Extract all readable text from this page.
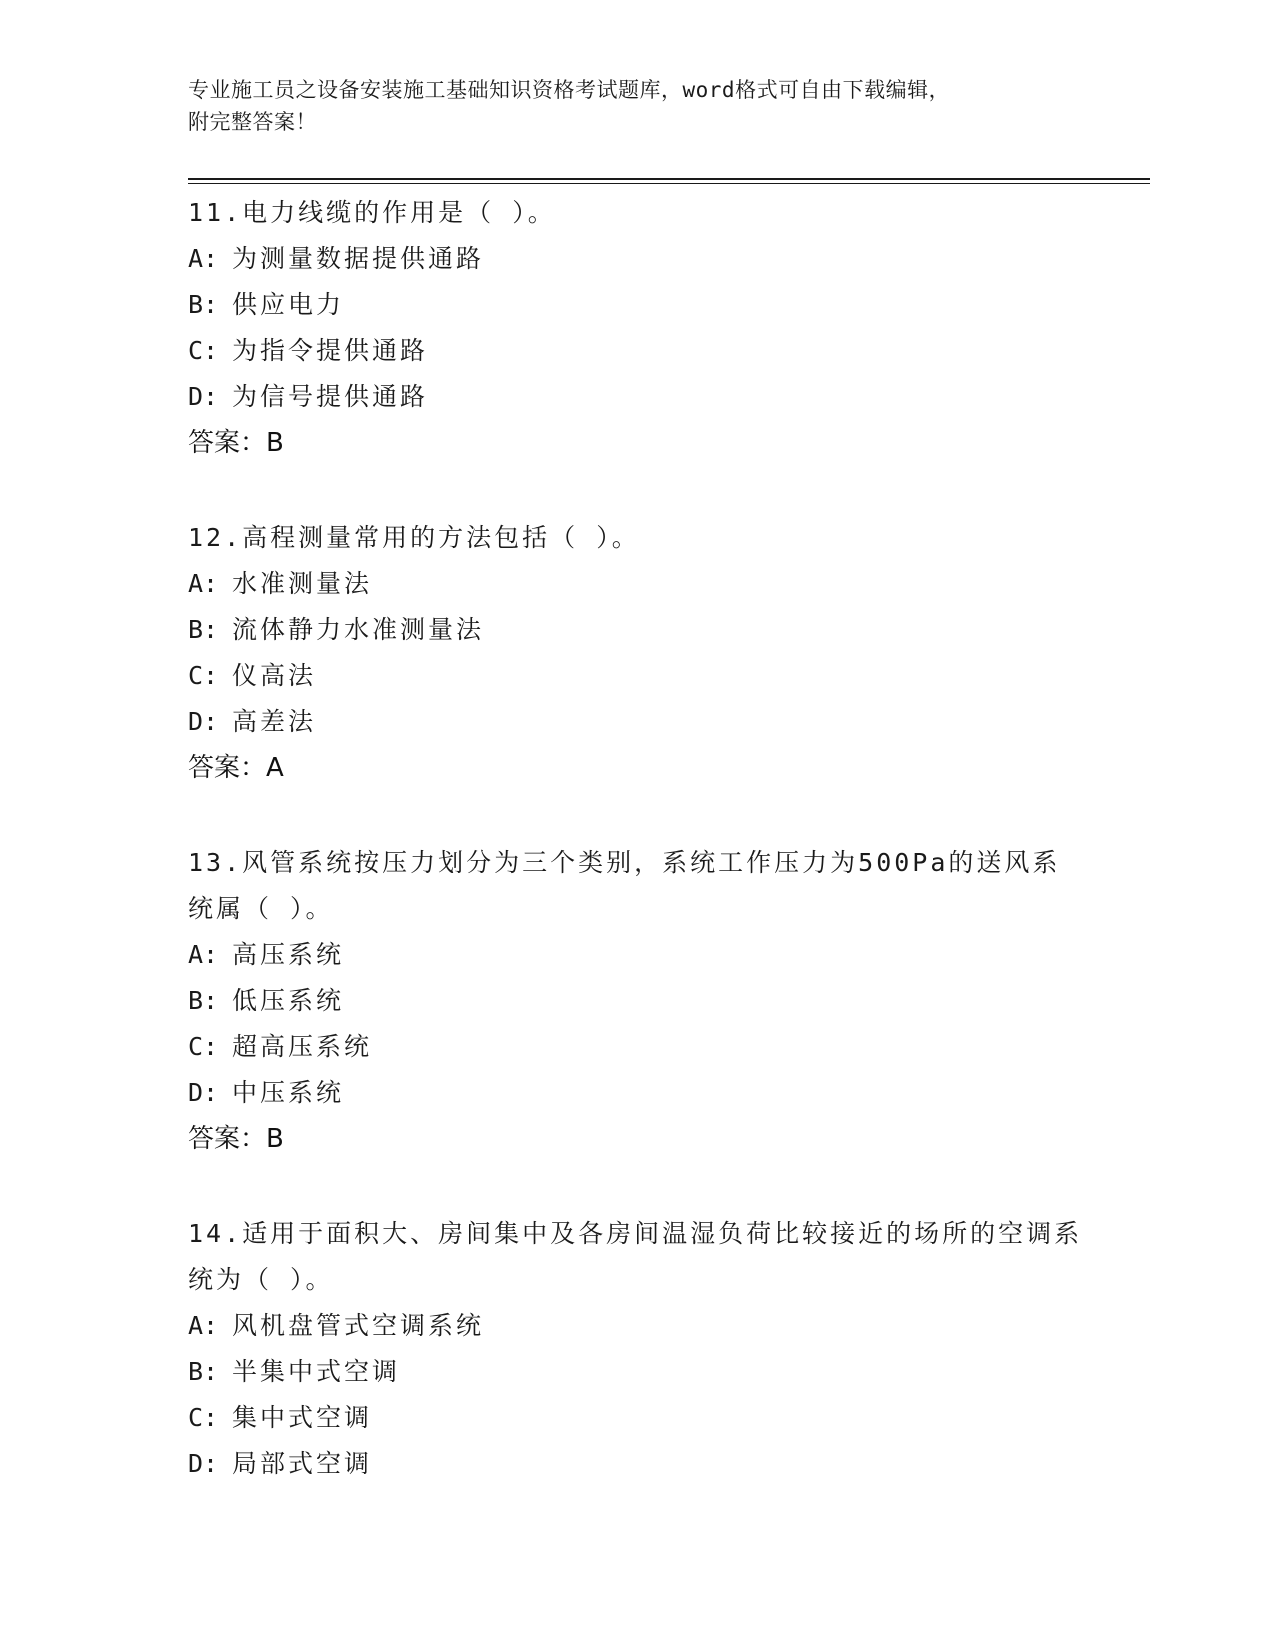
专业施工员之设备安装施工基础知识资格考试题库，word格式可自由下载编辑，
附完整答案！
11.电力线缆的作用是（ ）。
A: 为测量数据提供通路
B: 供应电力
C: 为指令提供通路
D: 为信号提供通路
答案：B
12.高程测量常用的方法包括（ ）。
A: 水准测量法
B: 流体静力水准测量法
C: 仪高法
D: 高差法
答案：A
13.风管系统按压力划分为三个类别，系统工作压力为500Pa的送风系统属（ ）。
A: 高压系统
B: 低压系统
C: 超高压系统
D: 中压系统
答案：B
14.适用于面积大、房间集中及各房间温湿负荷比较接近的场所的空调系统为（ ）。
A: 风机盘管式空调系统
B: 半集中式空调
C: 集中式空调
D: 局部式空调
